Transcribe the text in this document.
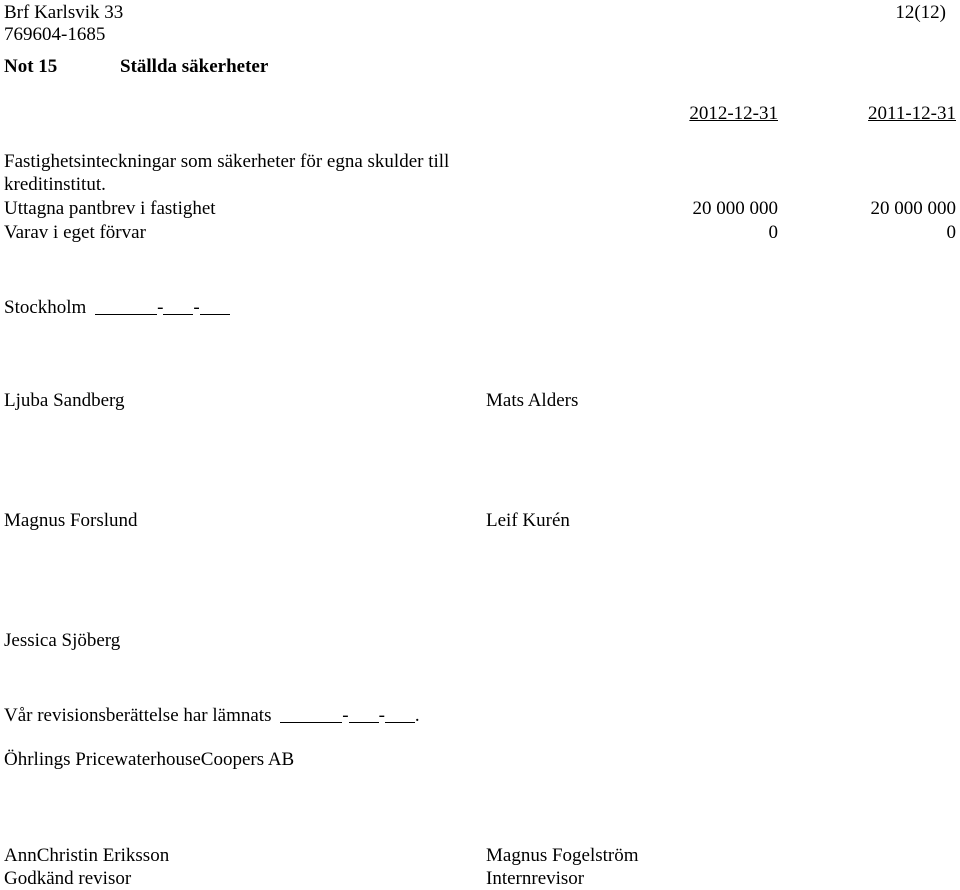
Brf Karlsvik 33
769604-1685
12(12)
Not 15	Ställda säkerheter
2012-12-31	2011-12-31
Fastighetsinteckningar som säkerheter för egna skulder till
kreditinstitut.
Uttagna pantbrev i fastighet	20 000 000	20 000 000
Varav i eget förvar	0	0
Stockholm	- -
Ljuba Sandberg	Mats Alders
Magnus Forslund	Leif Kurén
Jessica Sjöberg
Vår revisionsberättelse har lämnats	- - .
Öhrlings PricewaterhouseCoopers AB
AnnChristin Eriksson
Godkänd revisor
Magnus Fogelström
Internrevisor
